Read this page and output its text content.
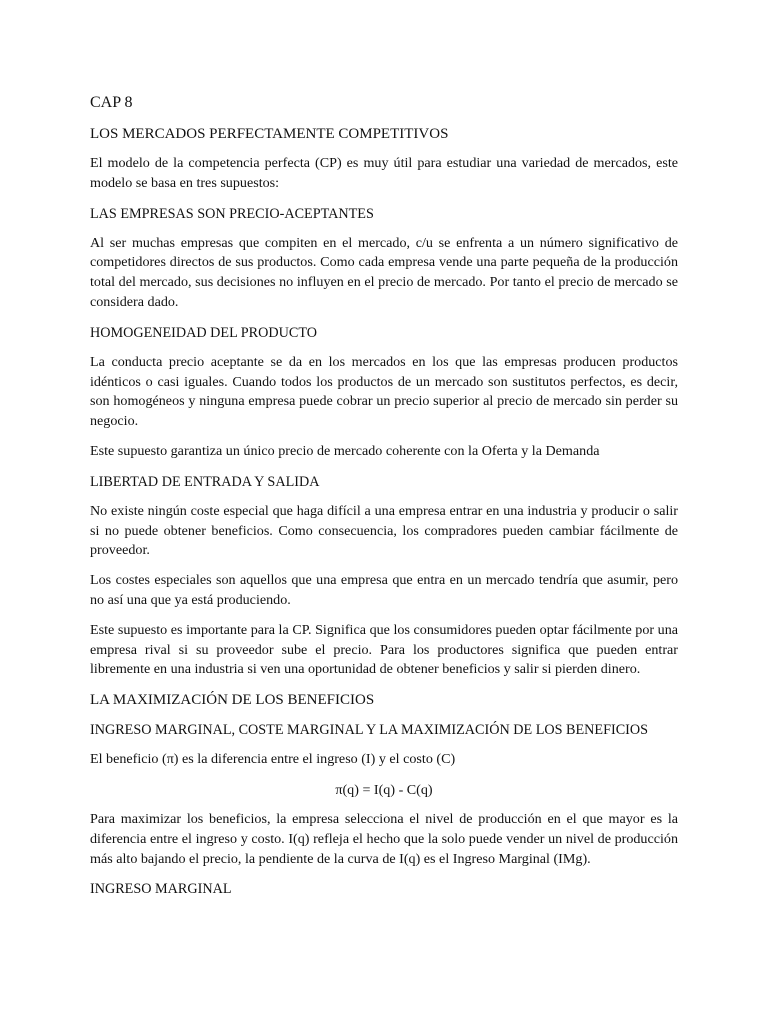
CAP 8
LOS MERCADOS PERFECTAMENTE COMPETITIVOS

El modelo de la competencia perfecta (CP) es muy útil para estudiar una variedad de mercados, este modelo se basa en tres supuestos:

LAS EMPRESAS SON PRECIO-ACEPTANTES

Al ser muchas empresas que compiten en el mercado, c/u se enfrenta a un número significativo de competidores directos de sus productos. Como cada empresa vende una parte pequeña de la producción total del mercado, sus decisiones no influyen en el precio de mercado. Por tanto el precio de mercado se considera dado.

HOMOGENEIDAD DEL PRODUCTO

La conducta precio aceptante se da en los mercados en los que las empresas producen productos idénticos o casi iguales. Cuando todos los productos de un mercado son sustitutos perfectos, es decir, son homogéneos y ninguna empresa puede cobrar un precio superior al precio de mercado sin perder su negocio.

Este supuesto garantiza un único precio de mercado coherente con la Oferta y la Demanda

LIBERTAD DE ENTRADA Y SALIDA

No existe ningún coste especial que haga difícil a una empresa entrar en una industria y producir o salir si no puede obtener beneficios. Como consecuencia, los compradores pueden cambiar fácilmente de proveedor.

Los costes especiales son aquellos que una empresa que entra en un mercado tendría que asumir, pero no así una que ya está produciendo.

Este supuesto es importante para la CP. Significa que los consumidores pueden optar fácilmente por una empresa rival si su proveedor sube el precio. Para los productores significa que pueden entrar libremente en una industria si ven una oportunidad de obtener beneficios y salir si pierden dinero.

LA MAXIMIZACIÓN DE LOS BENEFICIOS
INGRESO MARGINAL, COSTE MARGINAL Y LA MAXIMIZACIÓN DE LOS BENEFICIOS

El beneficio (π) es la diferencia entre el ingreso (I) y el costo (C)

π(q) = I(q) - C(q)

Para maximizar los beneficios, la empresa selecciona el nivel de producción en el que mayor es la diferencia entre el ingreso y costo. I(q) refleja el hecho que la solo puede vender un nivel de producción más alto bajando el precio, la pendiente de la curva de I(q) es el Ingreso Marginal (IMg).

INGRESO MARGINAL
